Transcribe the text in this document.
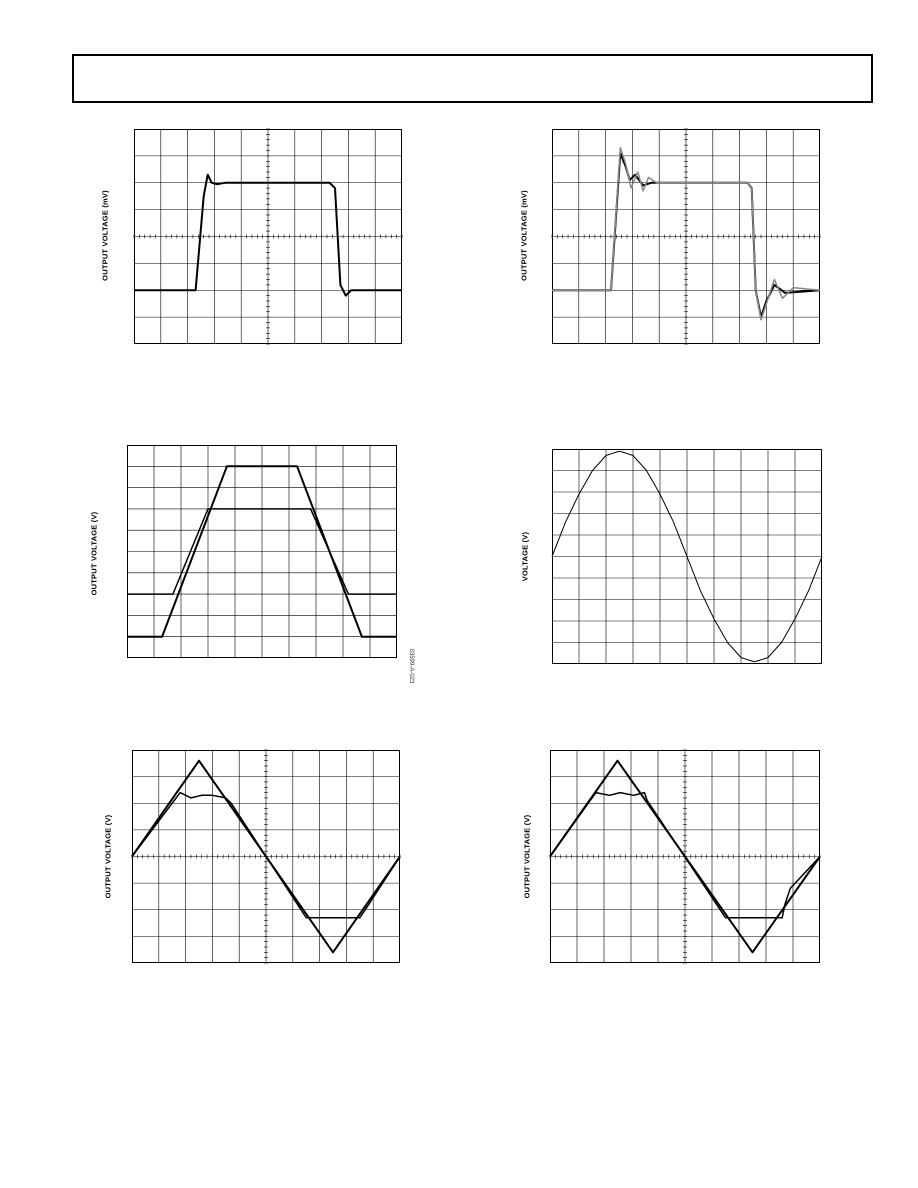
OUTPUT VOLTAGE (mV)	OUTPUT VOLTAGE (mV)
OUTPUT VOLTAGE (V)	VOLTAGE (V)
OUTPUT VOLTAGE (V)	OUTPUT VOLTAGE (V)
03599-A-023
